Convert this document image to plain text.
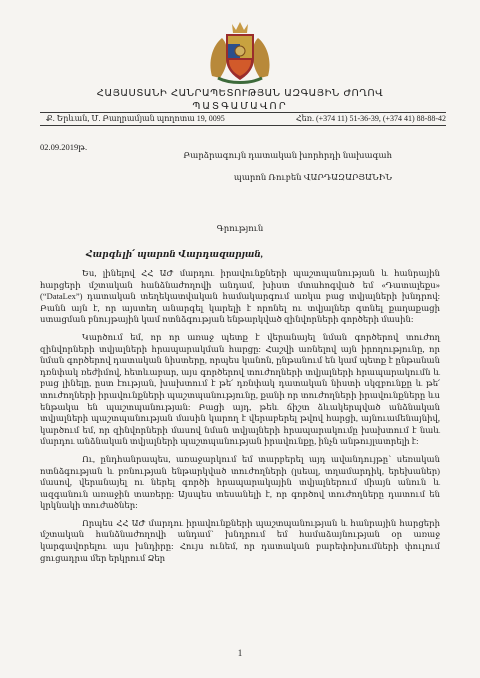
ՀԱՅԱՍՏԱՆԻ ՀԱՆՐԱՊԵՏՈՒԹՅԱՆ ԱԶԳԱՅԻՆ ԺՈՂՈՎ
ՊԱՏԳԱՄԱՎՈՐ
Ք. Երևան, Մ. Բաղրամյան պողոտա 19, 0095	Հեռ. (+374 11) 51-36-39, (+374 41) 88-88-42
02.09.2019թ.
Բարձրագույն դատական խորհրդի նախագահ
պարոն Ռուբեն ՎԱՐԴԱԶԱՐՅԱՆԻՆ
Գրություն
Հարգելի՛ պարոն Վարդազարյան,

Ես, լինելով ՀՀ ԱԺ մարդու իրավունքների պաշտպանության և հանրային հարցերի մշտական հանձնաժողովի անդամ, խիստ մտահոգված եմ «Դատալեքս» (“DataLex”) դատական տեղեկատվական համակարգում առկա բաց տվյալների խնդրով: Բանն այն է, որ այստեղ անարգել կարելի է որոնել ու տվյալներ գտնել քաղաքացի ստացման բնույթային կամ ոտնձգության ենթարկված զինվորների գործերի մասին:

Կարծում եմ, որ որ առաջ պետք է վերանայել նման գործերով տուժող զինվորների տվյալների հրապարակման հարցը: Հաշվի առնելով այն իրողությունը, որ նման գործերով դատական նիստերը, որպես կանոն, ընթանում են կամ պետք է ընթանան դռնփակ ռեժիմով, հետևաբար, այս գործերով տուժողների տվյալների հրապարակումն և բաց լինելը, ըստ էության, խախտում է թե՛ դռնփակ դատական նիստի սկզբունքը և թե՛ տուժողների իրավունքների պաշտպանությունը, քանի որ տուժողների իրավունքները ևս ենթակա են պաշտպանության: Բացի այդ, թեև ճիշտ ձևակերպված անձնական տվյալների պաշտպանության մասին կարող է վերաբերել թվով հարցի, այնուամենայնիվ, կարծում եմ, որ զինվորների մասով նման տվյալների հրապարակումը խախտում է նաև մարդու անձնական տվյալների պաշտպանության իրավունքը, ինչն անթույլատրելի է:

Ու, ընդհանրապես, առաջարկում եմ տարբերել այդ ավանդույթը՝ սեռական ոտնձգության և բռնության ենթարկված տուժողների (լսեալ, տղամարդիկ, երեխաներ) մասով, վերանայել ու ներել գործի հրապարակային տվյալներում միայն անուն և ազգանուն առաջին տառերը: Այսպես տեսանելի է, որ գործով տուժողները դատում են կրկնակի տուժածներ:

Որպես ՀՀ ԱԺ մարդու իրավունքների պաշտպանության և հանրային հարցերի մշտական հանձնաժողովի անդամ՝ խնդրում եմ համաձայնության օր առաջ կարգավորելու այս խնդիրը: Հույս ունեմ, որ դատական բարեփոխումների փուլում ցուցադրա մեր երկրում Ձեր

1
